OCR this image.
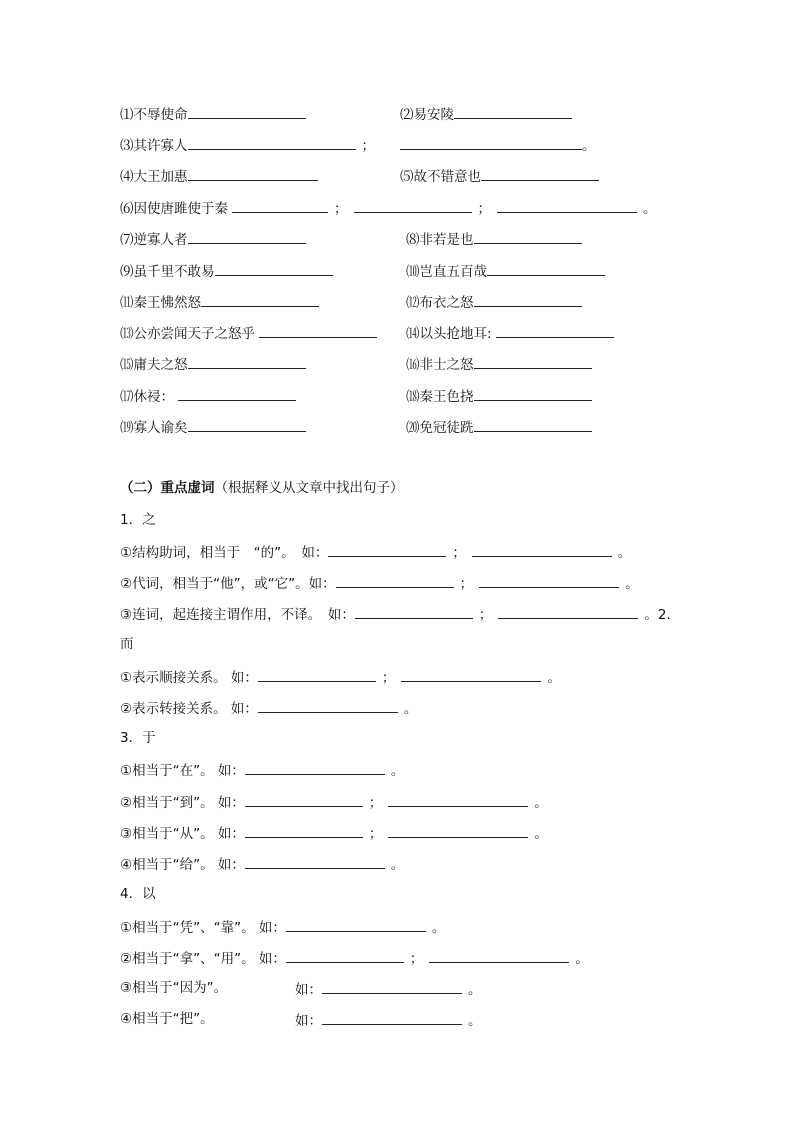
⑴不辱使命	⑵易安陵
⑶其许寡人	；	。
⑷大王加惠	⑸故不错意也
⑹因使唐雎使于秦	；	；	。
⑺逆寡人者	⑻非若是也
⑼虽千里不敢易	⑽岂直五百哉
⑾秦王怫然怒	⑿布衣之怒
⒀公亦尝闻天子之怒乎	⒁以头抢地耳:
⒂庸夫之怒	⒃非士之怒
⒄休祲：	⒅秦王色挠
⒆寡人谕矣	⒇免冠徒跣
（二）重点虚词（根据释义从文章中找出句子）
1．之
①结构助词，相当于　“的”。　如：	；	。
②代词，相当于“他”，或“它”。如：	；	。
③连词，起连接主谓作用，不译。　如：	；	。2．
而
①表示顺接关系。 如：	；	。
②表示转接关系。 如：	。
3．于
①相当于“在”。 如：	。
②相当于“到”。 如：	；	。
③相当于“从”。 如：	；	。
④相当于“给”。 如：	。
4．以
①相当于“凭”、“靠”。 如：	。
②相当于“拿”、“用”。 如：	；	。
③相当于“因为”。	如：	。
④相当于“把”。	如：	。
